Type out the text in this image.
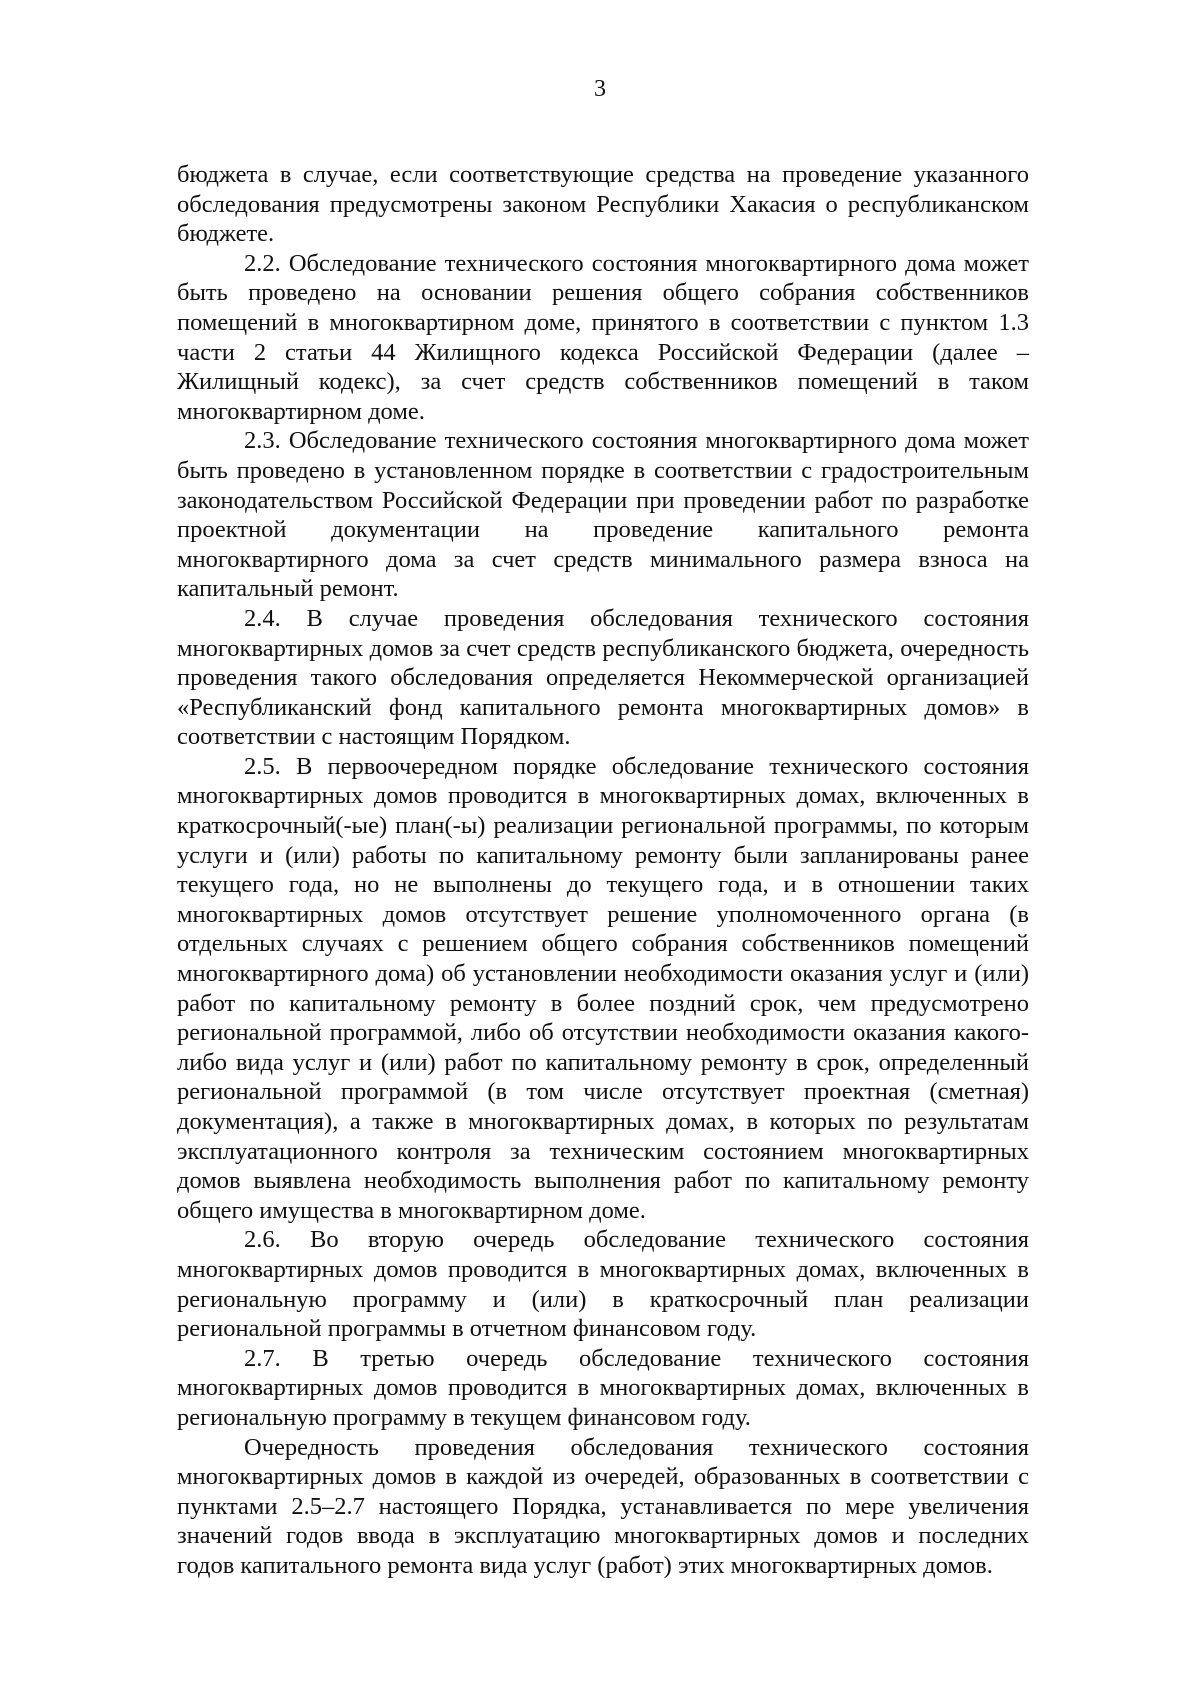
3

бюджета в случае, если соответствующие средства на проведение указанного обследования предусмотрены законом Республики Хакасия о республиканском бюджете.

2.2. Обследование технического состояния многоквартирного дома может быть проведено на основании решения общего собрания собственников помещений в многоквартирном доме, принятого в соответствии с пунктом 1.3 части 2 статьи 44 Жилищного кодекса Российской Федерации (далее – Жилищный кодекс), за счет средств собственников помещений в таком многоквартирном доме.

2.3. Обследование технического состояния многоквартирного дома может быть проведено в установленном порядке в соответствии с градостроительным законодательством Российской Федерации при проведении работ по разработке проектной документации на проведение капитального ремонта многоквартирного дома за счет средств минимального размера взноса на капитальный ремонт.

2.4. В случае проведения обследования технического состояния многоквартирных домов за счет средств республиканского бюджета, очередность проведения такого обследования определяется Некоммерческой организацией «Республиканский фонд капитального ремонта многоквартирных домов» в соответствии с настоящим Порядком.

2.5. В первоочередном порядке обследование технического состояния многоквартирных домов проводится в многоквартирных домах, включенных в краткосрочный(-ые) план(-ы) реализации региональной программы, по которым услуги и (или) работы по капитальному ремонту были запланированы ранее текущего года, но не выполнены до текущего года, и в отношении таких многоквартирных домов отсутствует решение уполномоченного органа (в отдельных случаях с решением общего собрания собственников помещений многоквартирного дома) об установлении необходимости оказания услуг и (или) работ по капитальному ремонту в более поздний срок, чем предусмотрено региональной программой, либо об отсутствии необходимости оказания какого-либо вида услуг и (или) работ по капитальному ремонту в срок, определенный региональной программой (в том числе отсутствует проектная (сметная) документация), а также в многоквартирных домах, в которых по результатам эксплуатационного контроля за техническим состоянием многоквартирных домов выявлена необходимость выполнения работ по капитальному ремонту общего имущества в многоквартирном доме.

2.6. Во вторую очередь обследование технического состояния многоквартирных домов проводится в многоквартирных домах, включенных в региональную программу и (или) в краткосрочный план реализации региональной программы в отчетном финансовом году.

2.7. В третью очередь обследование технического состояния многоквартирных домов проводится в многоквартирных домах, включенных в региональную программу в текущем финансовом году.

Очередность проведения обследования технического состояния многоквартирных домов в каждой из очередей, образованных в соответствии с пунктами 2.5–2.7 настоящего Порядка, устанавливается по мере увеличения значений годов ввода в эксплуатацию многоквартирных домов и последних годов капитального ремонта вида услуг (работ) этих многоквартирных домов.
